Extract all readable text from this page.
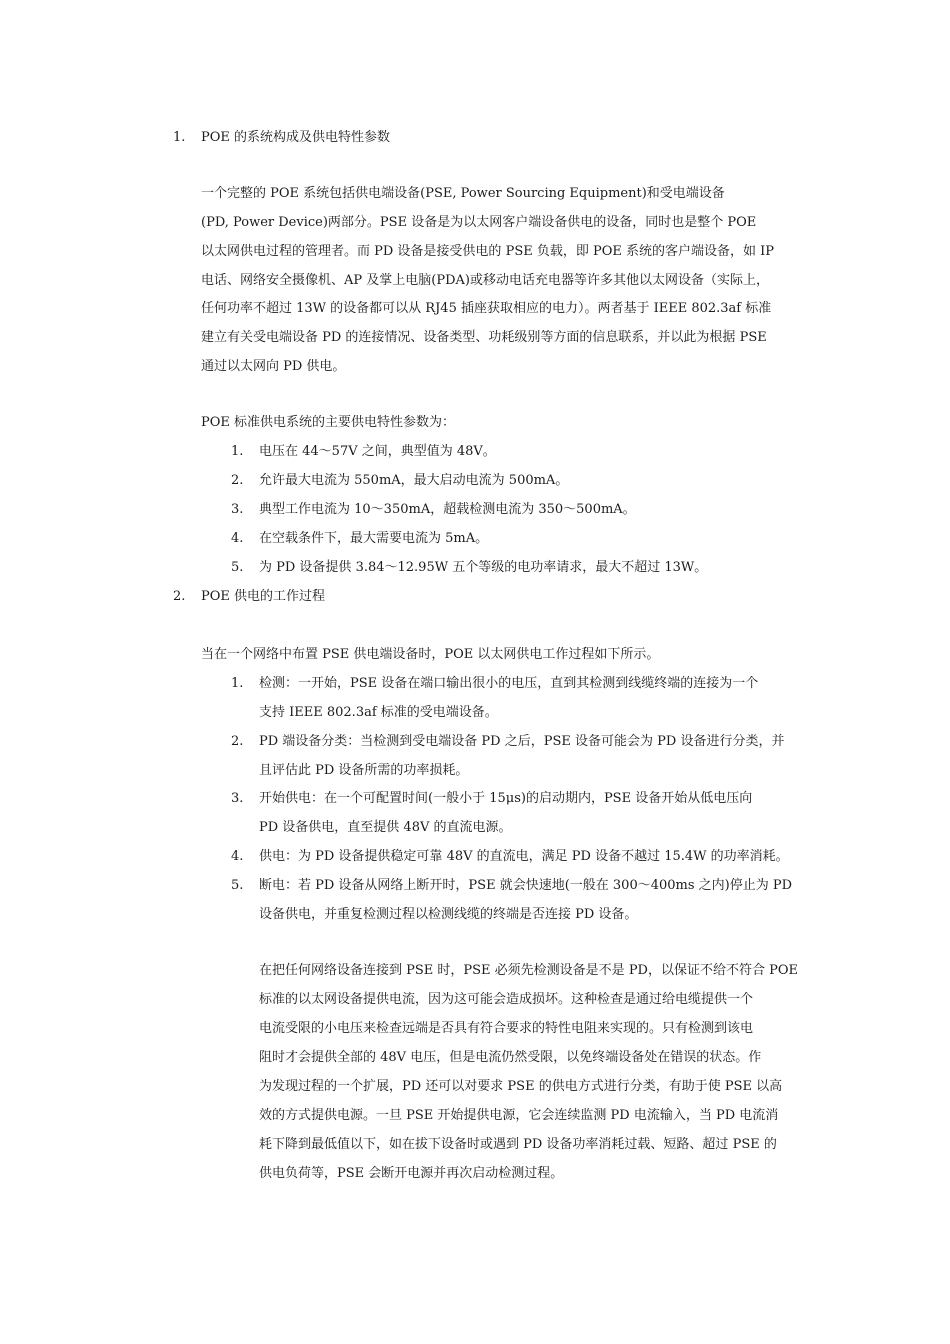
1. POE 的系统构成及供电特性参数
一个完整的 POE 系统包括供电端设备(PSE, Power Sourcing Equipment)和受电端设备
(PD, Power Device)两部分。PSE 设备是为以太网客户端设备供电的设备，同时也是整个 POE
以太网供电过程的管理者。而 PD 设备是接受供电的 PSE 负载，即 POE 系统的客户端设备，如 IP
电话、网络安全摄像机、AP 及掌上电脑(PDA)或移动电话充电器等许多其他以太网设备（实际上，
任何功率不超过 13W 的设备都可以从 RJ45 插座获取相应的电力）。两者基于 IEEE 802.3af 标准
建立有关受电端设备 PD 的连接情况、设备类型、功耗级别等方面的信息联系，并以此为根据 PSE
通过以太网向 PD 供电。
POE 标准供电系统的主要供电特性参数为：
1. 电压在 44～57V 之间，典型值为 48V。
2. 允许最大电流为 550mA，最大启动电流为 500mA。
3. 典型工作电流为 10～350mA，超载检测电流为 350～500mA。
4. 在空载条件下，最大需要电流为 5mA。
5. 为 PD 设备提供 3.84～12.95W 五个等级的电功率请求，最大不超过 13W。
2. POE 供电的工作过程
当在一个网络中布置 PSE 供电端设备时，POE 以太网供电工作过程如下所示。
1. 检测：一开始，PSE 设备在端口输出很小的电压，直到其检测到线缆终端的连接为一个
支持 IEEE 802.3af 标准的受电端设备。
2. PD 端设备分类：当检测到受电端设备 PD 之后，PSE 设备可能会为 PD 设备进行分类，并
且评估此 PD 设备所需的功率损耗。
3. 开始供电：在一个可配置时间(一般小于 15μs)的启动期内，PSE 设备开始从低电压向
PD 设备供电，直至提供 48V 的直流电源。
4. 供电：为 PD 设备提供稳定可靠 48V 的直流电，满足 PD 设备不越过 15.4W 的功率消耗。
5. 断电：若 PD 设备从网络上断开时，PSE 就会快速地(一般在 300～400ms 之内)停止为 PD
设备供电，并重复检测过程以检测线缆的终端是否连接 PD 设备。
在把任何网络设备连接到 PSE 时，PSE 必须先检测设备是不是 PD，以保证不给不符合 POE
标准的以太网设备提供电流，因为这可能会造成损坏。这种检查是通过给电缆提供一个
电流受限的小电压来检查远端是否具有符合要求的特性电阻来实现的。只有检测到该电
阻时才会提供全部的 48V 电压，但是电流仍然受限，以免终端设备处在错误的状态。作
为发现过程的一个扩展，PD 还可以对要求 PSE 的供电方式进行分类，有助于使 PSE 以高
效的方式提供电源。一旦 PSE 开始提供电源，它会连续监测 PD 电流输入，当 PD 电流消
耗下降到最低值以下，如在拔下设备时或遇到 PD 设备功率消耗过载、短路、超过 PSE 的
供电负荷等，PSE 会断开电源并再次启动检测过程。
